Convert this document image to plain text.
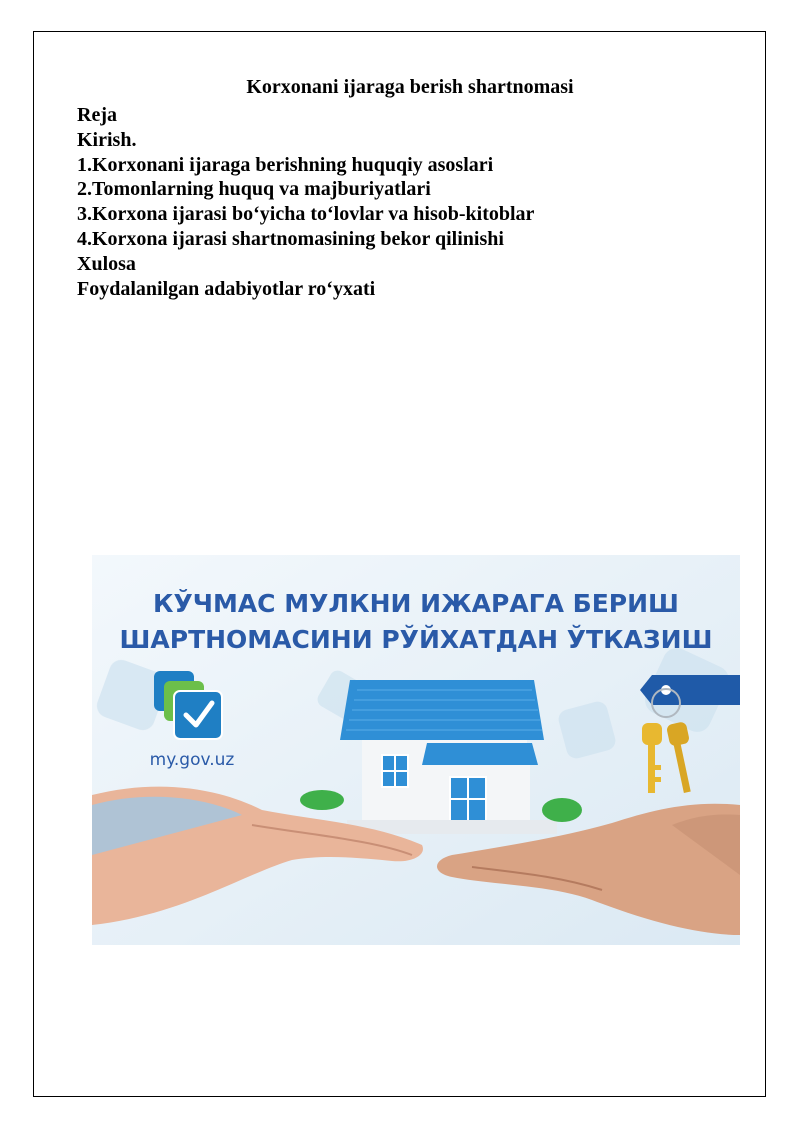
Korxonani ijaraga berish shartnomasi
Reja
Kirish.
1.Korxonani ijaraga berishning huquqiy asoslari
2.Tomonlarning huquq va majburiyatlari
3.Korxona ijarasi bo‘yicha to‘lovlar va hisob-kitoblar
4.Korxona ijarasi shartnomasining bekor qilinishi
Xulosa
Foydalanilgan adabiyotlar ro‘yxati
КЎЧМАС МУЛКНИ ИЖАРАГА БЕРИШ
ШАРТНОМАСИНИ РЎЙХАТДАН ЎТКАЗИШ
my.gov.uz
